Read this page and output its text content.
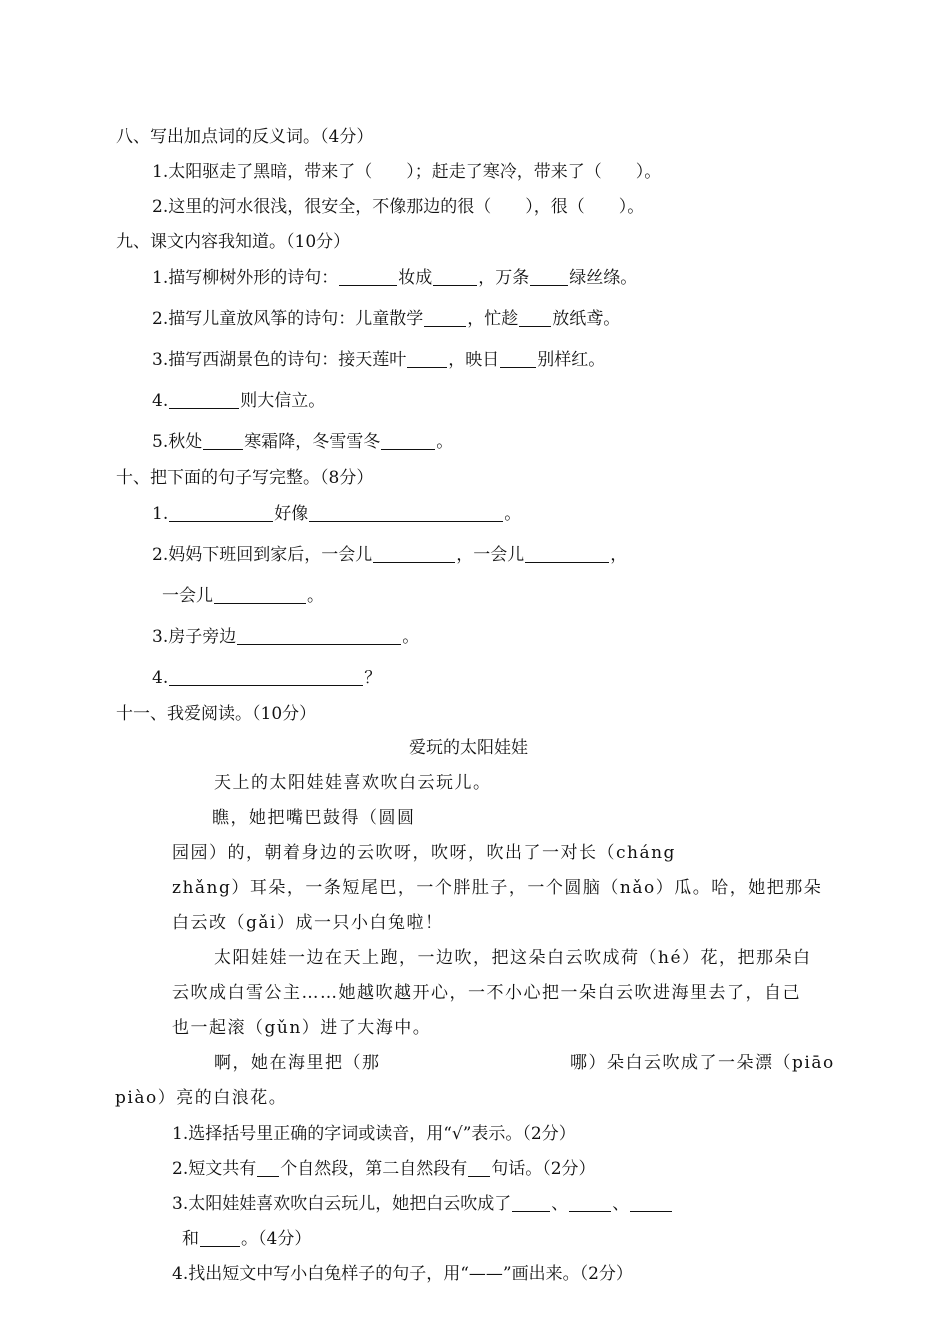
八、写出加点词的反义词。（4分）
1.太阳驱走了黑暗，带来了（　　）；赶走了寒冷，带来了（　　）。
2.这里的河水很浅，很安全，不像那边的很（　　），很（　　）。
九、课文内容我知道。（10分）
1.描写柳树外形的诗句：	妆成	，万条 绿丝绦。
2.描写儿童放风筝的诗句：儿童散学	，忙趁 放纸鸢。
3.描写西湖景色的诗句：接天莲叶 ，映日 别样红。
4.	则大信立。
5.秋处 寒霜降，冬雪雪冬	。
十、把下面的句子写完整。（8分）
1.	好像	。
2.妈妈下班回到家后，一会儿	，一会儿	，
一会儿	。
3.房子旁边	。
4.	？
十一、我爱阅读。（10分）
爱玩的太阳娃娃
天上的太阳娃娃喜欢吹白云玩儿。
瞧，她把嘴巴鼓得（圆圆
园园）的，朝着身边的云吹呀，吹呀，吹出了一对长（cháng
zhǎng）耳朵，一条短尾巴，一个胖肚子，一个圆脑（nǎo）瓜。哈，她把那朵
白云改（gǎi）成一只小白兔啦！
太阳娃娃一边在天上跑，一边吹，把这朵白云吹成荷（hé）花，把那朵白
云吹成白雪公主……她越吹越开心，一不小心把一朵白云吹进海里去了，自己
也一起滚（gǔn）进了大海中。
啊，她在海里把（那	哪）朵白云吹成了一朵漂（piāo
piào）亮的白浪花。
1.选择括号里正确的字词或读音，用“√”表示。（2分）
2.短文共有 个自然段，第二自然段有 句话。（2分）
3.太阳娃娃喜欢吹白云玩儿，她把白云吹成了 、	、
和 。（4分）
4.找出短文中写小白兔样子的句子，用“——”画出来。（2分）
